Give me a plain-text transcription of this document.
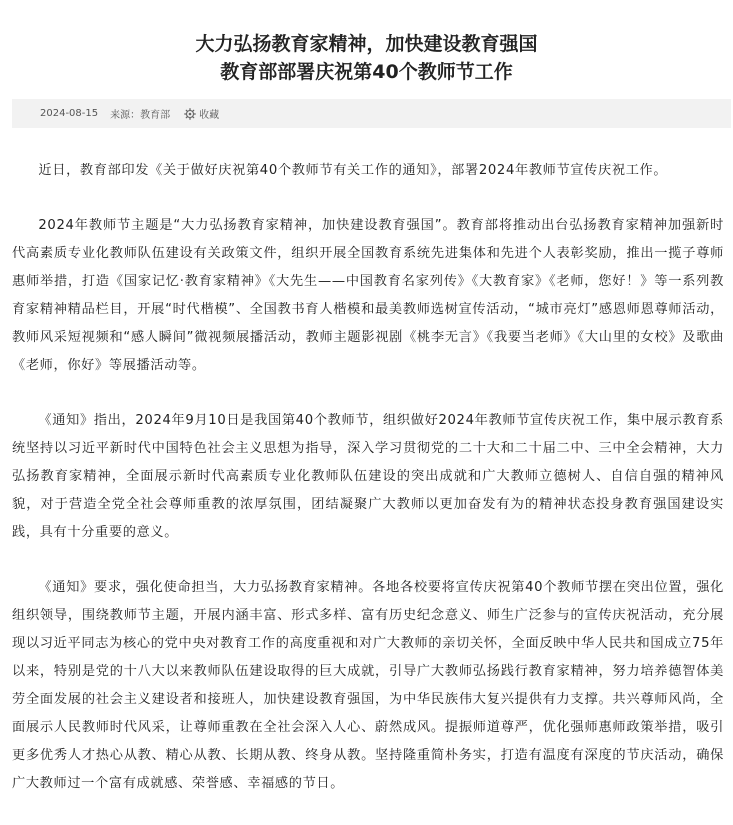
大力弘扬教育家精神，加快建设教育强国
教育部部署庆祝第40个教师节工作
2024-08-15 来源：教育部	收藏

近日，教育部印发《关于做好庆祝第40个教师节有关工作的通知》，部署2024年教师节宣传庆祝工作。

2024年教师节主题是“大力弘扬教育家精神，加快建设教育强国”。教育部将推动出台弘扬教育家精神加强新时代高素质专业化教师队伍建设有关政策文件，组织开展全国教育系统先进集体和先进个人表彰奖励，推出一揽子尊师惠师举措，打造《国家记忆·教育家精神》《大先生——中国教育名家列传》《大教育家》《老师，您好！》等一系列教育家精神精品栏目，开展“时代楷模”、全国教书育人楷模和最美教师选树宣传活动，“城市亮灯”感恩师恩尊师活动，教师风采短视频和“感人瞬间”微视频展播活动，教师主题影视剧《桃李无言》《我要当老师》《大山里的女校》及歌曲《老师，你好》等展播活动等。

《通知》指出，2024年9月10日是我国第40个教师节，组织做好2024年教师节宣传庆祝工作，集中展示教育系统坚持以习近平新时代中国特色社会主义思想为指导，深入学习贯彻党的二十大和二十届二中、三中全会精神，大力弘扬教育家精神，全面展示新时代高素质专业化教师队伍建设的突出成就和广大教师立德树人、自信自强的精神风貌，对于营造全党全社会尊师重教的浓厚氛围，团结凝聚广大教师以更加奋发有为的精神状态投身教育强国建设实践，具有十分重要的意义。

《通知》要求，强化使命担当，大力弘扬教育家精神。各地各校要将宣传庆祝第40个教师节摆在突出位置，强化组织领导，围绕教师节主题，开展内涵丰富、形式多样、富有历史纪念意义、师生广泛参与的宣传庆祝活动，充分展现以习近平同志为核心的党中央对教育工作的高度重视和对广大教师的亲切关怀，全面反映中华人民共和国成立75年以来，特别是党的十八大以来教师队伍建设取得的巨大成就，引导广大教师弘扬践行教育家精神，努力培养德智体美劳全面发展的社会主义建设者和接班人，加快建设教育强国，为中华民族伟大复兴提供有力支撑。共兴尊师风尚，全面展示人民教师时代风采，让尊师重教在全社会深入人心、蔚然成风。提振师道尊严，优化强师惠师政策举措，吸引更多优秀人才热心从教、精心从教、长期从教、终身从教。坚持隆重简朴务实，打造有温度有深度的节庆活动，确保广大教师过一个富有成就感、荣誉感、幸福感的节日。
